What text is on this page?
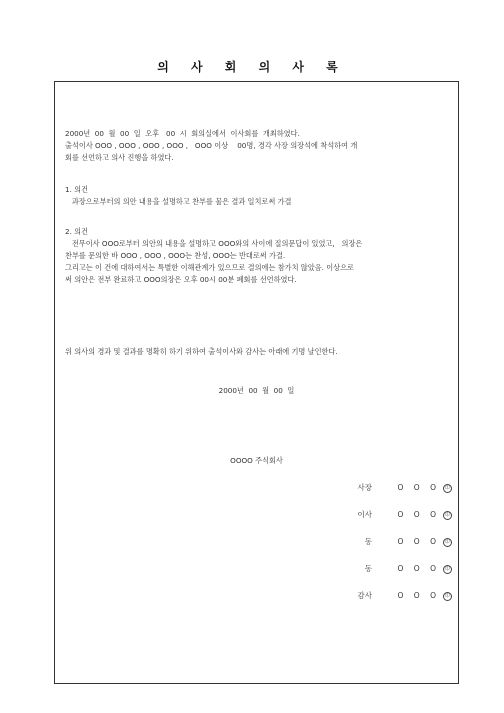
의 사 회 의 사 록
2000년  00  월  00  일  오후   00  시  회의실에서  이사회를  개최하였다.
출석이사 OOO , OOO , OOO , OOO ,   OOO 이상    00명, 경각 사장 의장석에 착석하여 개
회를 선언하고 의사 진행을 하였다.
1. 의건
과장으로부터의 의안 내용을 설명하고 찬부를 물은 결과 일치로써 가결
2. 의건
전무이사 OOO로부터 의안의 내용을 설명하고 OOO와의 사이에 질의문답이 있었고,   의장은
찬부를 문의한 바 OOO , OOO , OOO는 찬성, OOO는 반대로써 가결.
그리고는 이 건에 대하여서는 특별한 이해관계가 있으므로 결의에는 참가치 않았음. 이상으로
써 의안은 전부 완료하고 OOO의장은 오후 00시 00분 폐회를 선언하였다.
위 의사의 경과 및 결과를 명확히 하기 위하여 출석이사와 감사는 아래에 기명 날인한다.
2000년  00  월  00  일
OOOO 주식회사
사장	O O O	印
이사	O O O	印
동	O O O	印
동	O O O	印
감사	O O O	印
